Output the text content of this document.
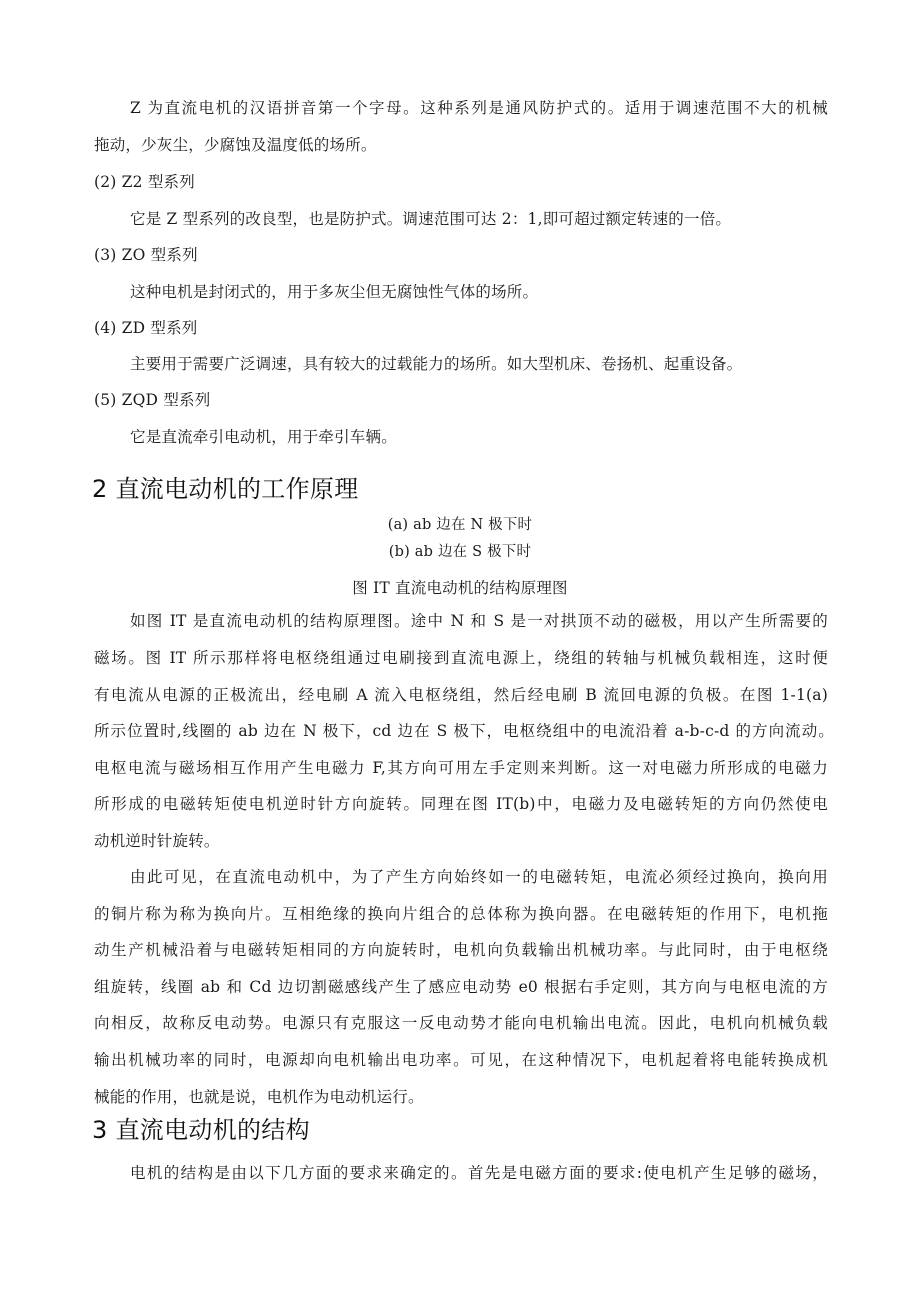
Z 为直流电机的汉语拼音第一个字母。这种系列是通风防护式的。适用于调速范围不大的机械
拖动，少灰尘，少腐蚀及温度低的场所。
(2) Z2 型系列
它是 Z 型系列的改良型，也是防护式。调速范围可达 2：1,即可超过额定转速的一倍。
(3) ZO 型系列
这种电机是封闭式的，用于多灰尘但无腐蚀性气体的场所。
(4) ZD 型系列
主要用于需要广泛调速，具有较大的过载能力的场所。如大型机床、卷扬机、起重设备。
(5) ZQD 型系列
它是直流牵引电动机，用于牵引车辆。
2 直流电动机的工作原理
(a) ab 边在 N 极下时
(b) ab 边在 S 极下时
图 IT 直流电动机的结构原理图
如图 IT 是直流电动机的结构原理图。途中 N 和 S 是一对拱顶不动的磁极，用以产生所需要的
磁场。图 IT 所示那样将电枢绕组通过电刷接到直流电源上，绕组的转轴与机械负载相连，这时便
有电流从电源的正极流出，经电刷 A 流入电枢绕组，然后经电刷 B 流回电源的负极。在图 1-1(a)
所示位置时,线圈的 ab 边在 N 极下，cd 边在 S 极下，电枢绕组中的电流沿着 a-b-c-d 的方向流动。
电枢电流与磁场相互作用产生电磁力 F,其方向可用左手定则来判断。这一对电磁力所形成的电磁力
所形成的电磁转矩使电机逆时针方向旋转。同理在图 IT(b)中，电磁力及电磁转矩的方向仍然使电
动机逆时针旋转。
由此可见，在直流电动机中，为了产生方向始终如一的电磁转矩，电流必须经过换向，换向用
的铜片称为称为换向片。互相绝缘的换向片组合的总体称为换向器。在电磁转矩的作用下，电机拖
动生产机械沿着与电磁转矩相同的方向旋转时，电机向负载输出机械功率。与此同时，由于电枢绕
组旋转，线圈 ab 和 Cd 边切割磁感线产生了感应电动势 e0 根据右手定则，其方向与电枢电流的方
向相反，故称反电动势。电源只有克服这一反电动势才能向电机输出电流。因此，电机向机械负载
输出机械功率的同时，电源却向电机输出电功率。可见，在这种情况下，电机起着将电能转换成机
械能的作用，也就是说，电机作为电动机运行。
3 直流电动机的结构
电机的结构是由以下几方面的要求来确定的。首先是电磁方面的要求:使电机产生足够的磁场，
